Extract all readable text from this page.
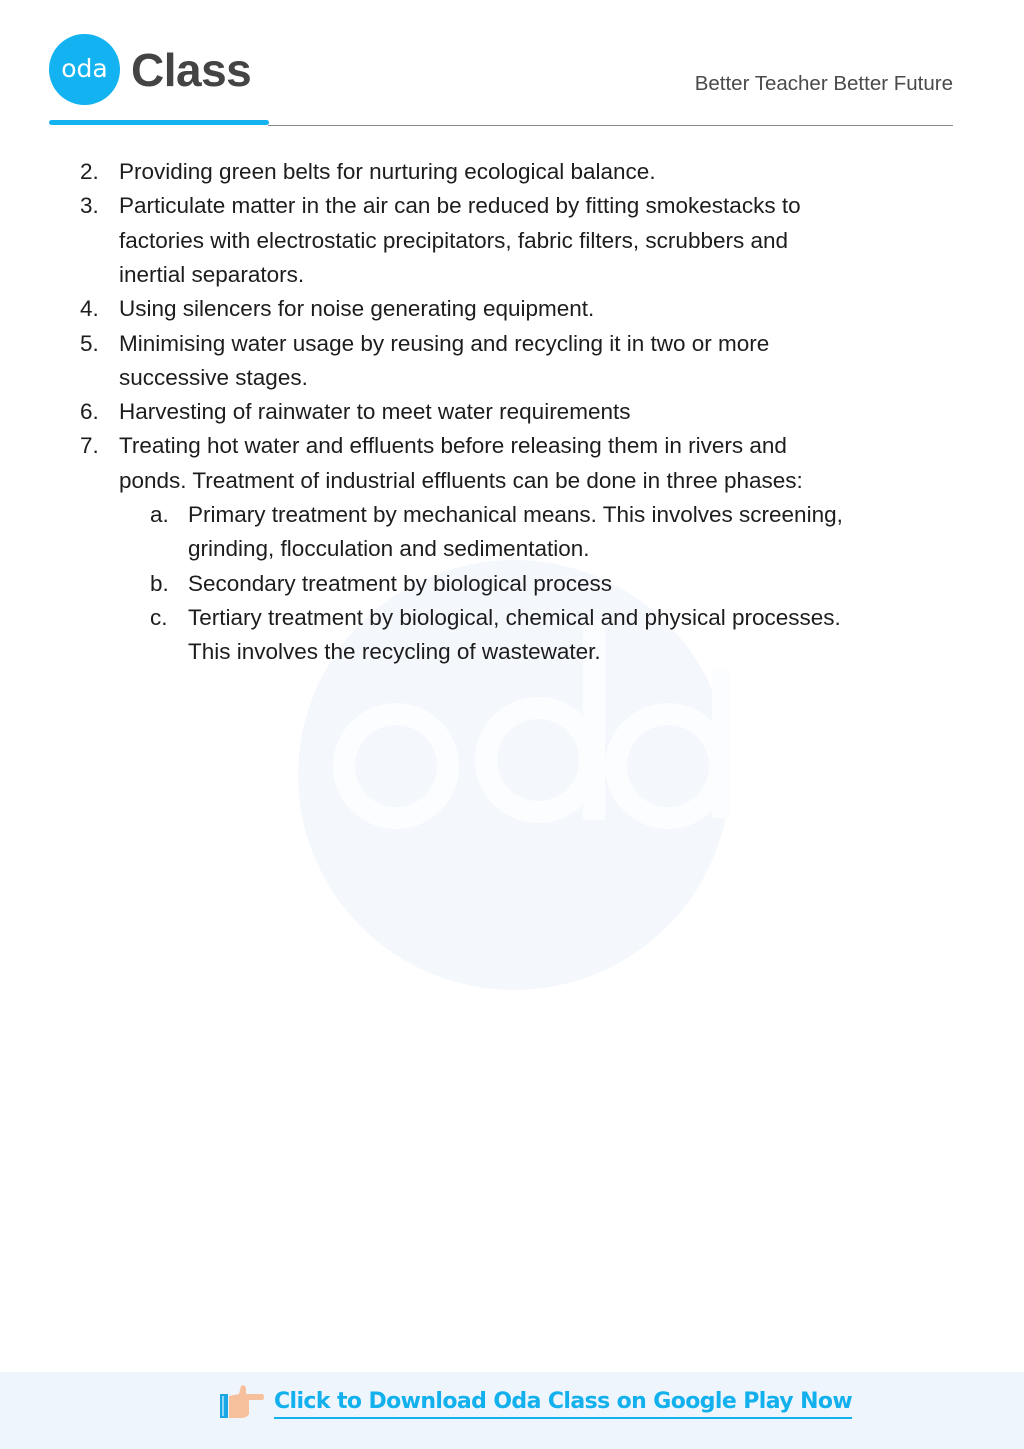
oda Class	Better Teacher Better Future
2. Providing green belts for nurturing ecological balance.
3. Particulate matter in the air can be reduced by fitting smokestacks to
factories with electrostatic precipitators, fabric filters, scrubbers and
inertial separators.
4. Using silencers for noise generating equipment.
5. Minimising water usage by reusing and recycling it in two or more
successive stages.
6. Harvesting of rainwater to meet water requirements
7. Treating hot water and effluents before releasing them in rivers and
ponds. Treatment of industrial effluents can be done in three phases:
a. Primary treatment by mechanical means. This involves screening,
grinding, flocculation and sedimentation.
b. Secondary treatment by biological process
c. Tertiary treatment by biological, chemical and physical processes.
This involves the recycling of wastewater.
Click to Download Oda Class on Google Play Now
